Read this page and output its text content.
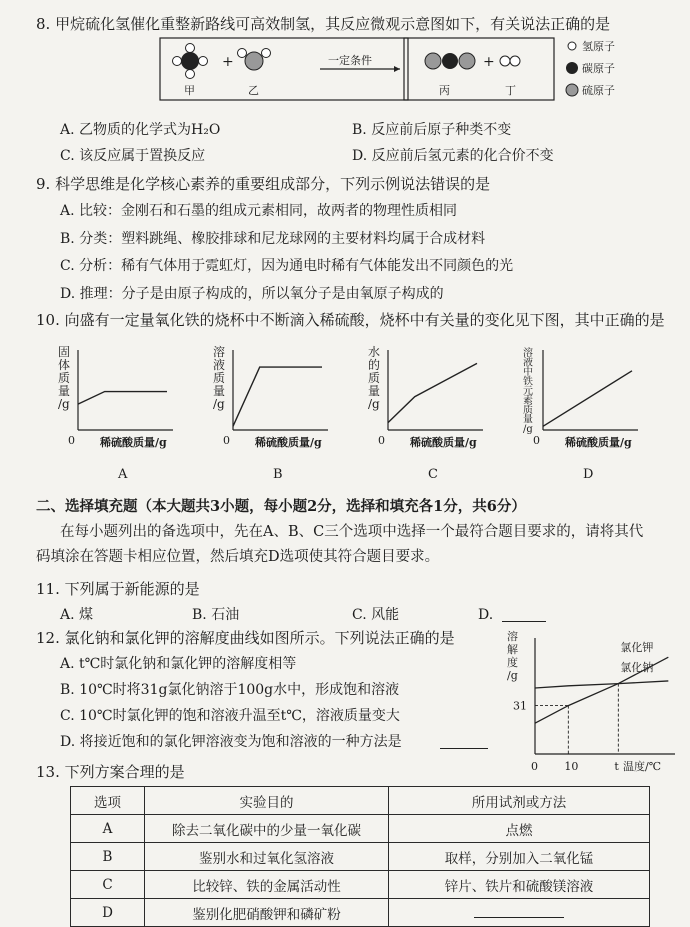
8. 甲烷硫化氢催化重整新路线可高效制氢，其反应微观示意图如下，有关说法正确的是
+
甲	乙
一定条件	+
丙	丁
氢原子
碳原子
硫原子
A. 乙物质的化学式为H₂O	B. 反应前后原子种类不变
C. 该反应属于置换反应	D. 反应前后氢元素的化合价不变
9. 科学思维是化学核心素养的重要组成部分，下列示例说法错误的是
A. 比较：金刚石和石墨的组成元素相同，故两者的物理性质相同
B. 分类：塑料跳绳、橡胶排球和尼龙球网的主要材料均属于合成材料
C. 分析：稀有气体用于霓虹灯，因为通电时稀有气体能发出不同颜色的光
D. 推理：分子是由原子构成的，所以氧分子是由氧原子构成的
10. 向盛有一定量氧化铁的烧杯中不断滴入稀硫酸，烧杯中有关量的变化见下图，其中正确的是
固
体
质
量
/g
0 稀硫酸质量/g
A
溶
液
质
量
/g
0 稀硫酸质量/g
B
水
的
质
量
/g
0 稀硫酸质量/g
C
溶
液
中
铁
元
素
质
量
/g
0 稀硫酸质量/g
D
二、选择填充题（本大题共3小题，每小题2分，选择和填充各1分，共6分）
在每小题列出的备选项中，先在A、B、C三个选项中选择一个最符合题目要求的，请将其代
码填涂在答题卡相应位置，然后填充D选项使其符合题目要求。
11. 下列属于新能源的是
A. 煤	B. 石油	C. 风能	D.
12. 氯化钠和氯化钾的溶解度曲线如图所示。下列说法正确的是
A. t℃时氯化钠和氯化钾的溶解度相等
B. 10℃时将31g氯化钠溶于100g水中，形成饱和溶液
C. 10℃时氯化钾的饱和溶液升温至t℃，溶液质量变大
D. 将接近饱和的氯化钾溶液变为饱和溶液的一种方法是
溶
解
度
/g
温度/℃
0 10	t
31
氯化钾
氯化钠
13. 下列方案合理的是
选项	实验目的	所用试剂或方法
A	除去二氧化碳中的少量一氧化碳	点燃
B	鉴别水和过氧化氢溶液	取样，分别加入二氧化锰
C	比较锌、铁的金属活动性	锌片、铁片和硫酸镁溶液
D	鉴别化肥硝酸钾和磷矿粉	
